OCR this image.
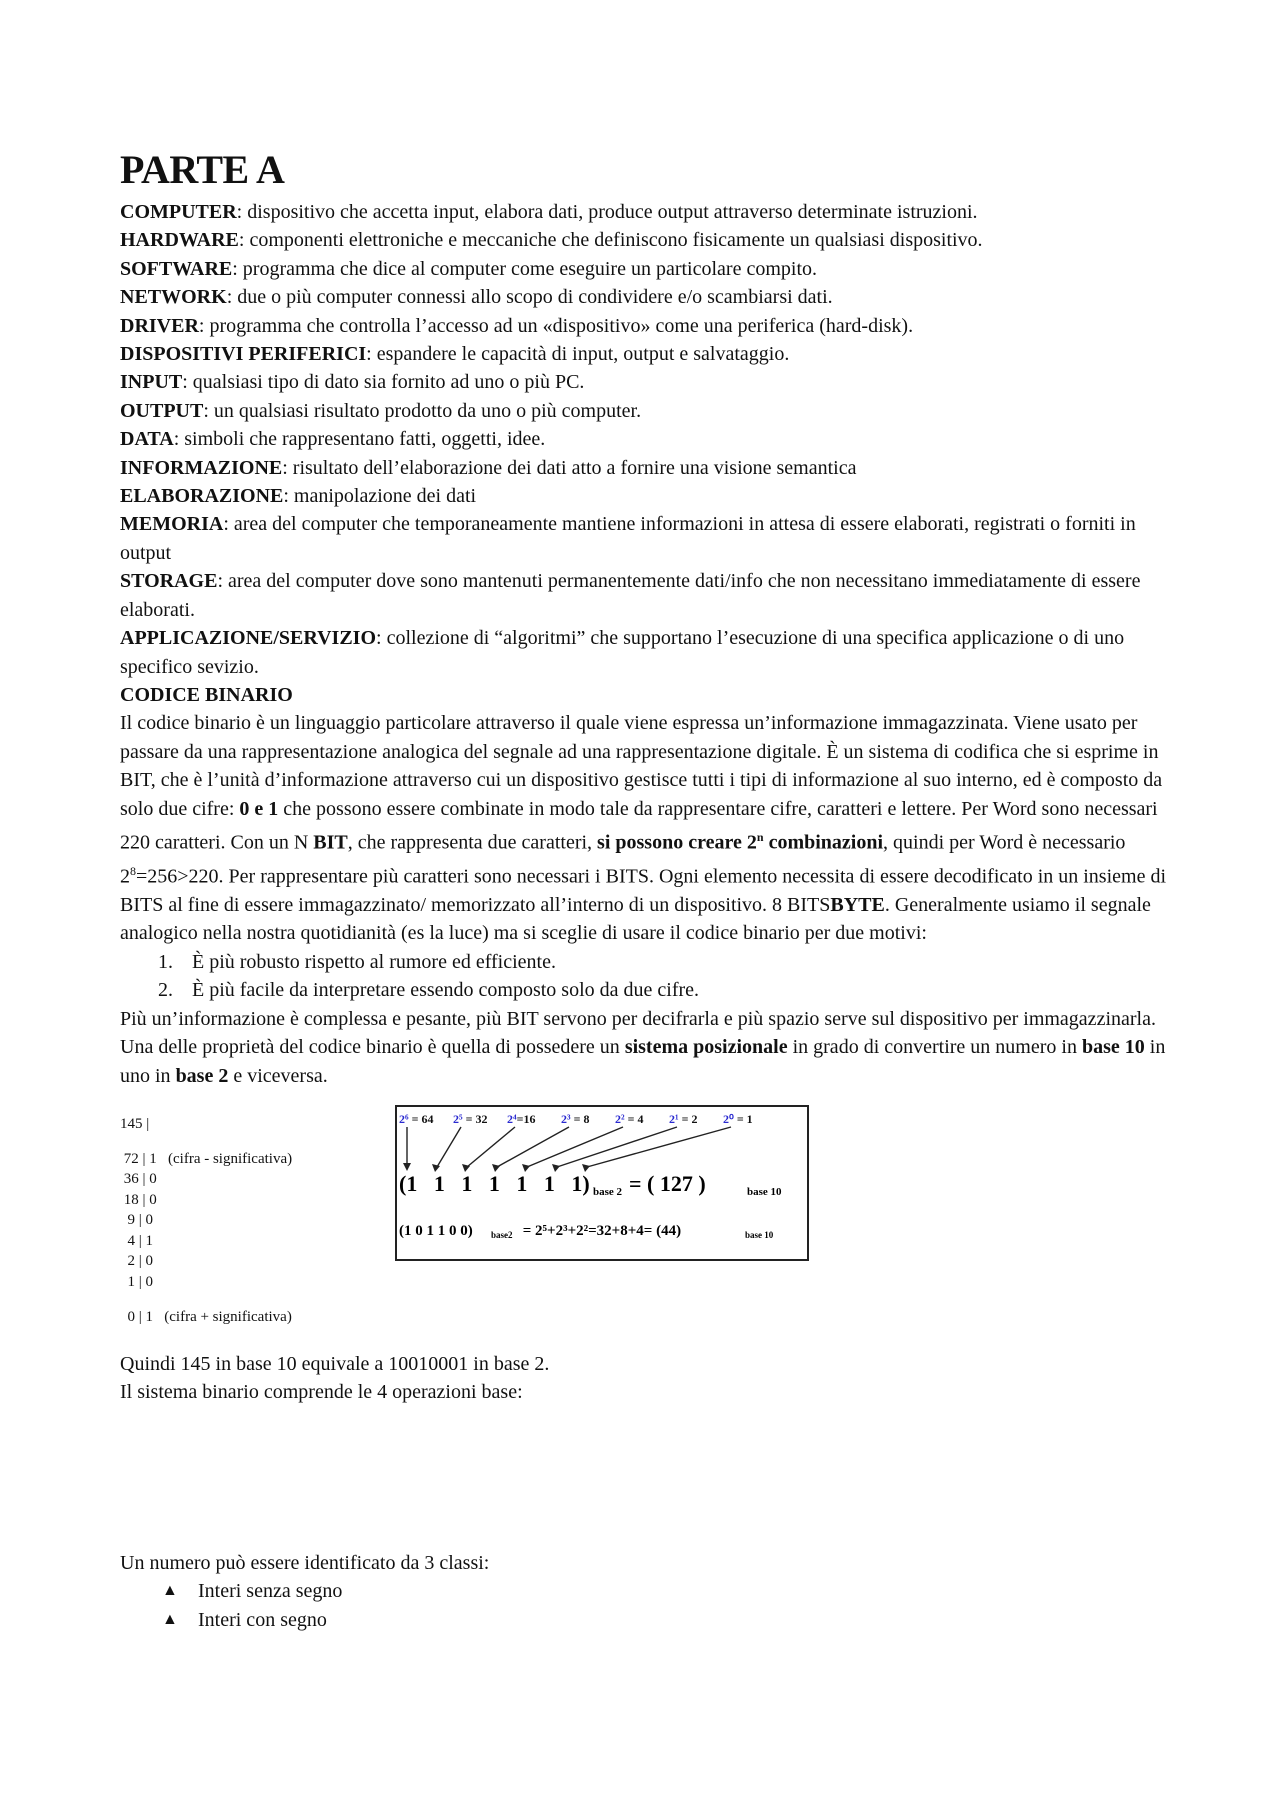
PARTE A

COMPUTER: dispositivo che accetta input, elabora dati, produce output attraverso determinate istruzioni.

HARDWARE: componenti elettroniche e meccaniche che definiscono fisicamente un qualsiasi dispositivo.

SOFTWARE: programma che dice al computer come eseguire un particolare compito.

NETWORK: due o più computer connessi allo scopo di condividere e/o scambiarsi dati.

DRIVER: programma che controlla l’accesso ad un «dispositivo» come una periferica (hard-disk).

DISPOSITIVI PERIFERICI: espandere le capacità di input, output e salvataggio.

INPUT: qualsiasi tipo di dato sia fornito ad uno o più PC.

OUTPUT: un qualsiasi risultato prodotto da uno o più computer.

DATA: simboli che rappresentano fatti, oggetti, idee.

INFORMAZIONE: risultato dell’elaborazione dei dati atto a fornire una visione semantica

ELABORAZIONE: manipolazione dei dati

MEMORIA: area del computer che temporaneamente mantiene informazioni in attesa di essere elaborati, registrati o forniti in output

STORAGE: area del computer dove sono mantenuti permanentemente dati/info che non necessitano immediatamente di essere elaborati.

APPLICAZIONE/SERVIZIO: collezione di “algoritmi” che supportano l’esecuzione di una specifica applicazione o di uno specifico sevizio.

CODICE BINARIO

Il codice binario è un linguaggio particolare attraverso il quale viene espressa un’informazione immagazzinata. Viene usato per passare da una rappresentazione analogica del segnale ad una rappresentazione digitale. È un sistema di codifica che si esprime in BIT, che è l’unità d’informazione attraverso cui un dispositivo gestisce tutti i tipi di informazione al suo interno, ed è composto da solo due cifre: 0 e 1 che possono essere combinate in modo tale da rappresentare cifre, caratteri e lettere. Per Word sono necessari 220 caratteri. Con un N BIT, che rappresenta due caratteri, si possono creare 2$^n$ combinazioni, quindi per Word è necessario $2^8=256>220$. Per rappresentare più caratteri sono necessari i BITS. Ogni elemento necessita di essere decodificato in un insieme di BITS al fine di essere immagazzinato/ memorizzato all’interno di un dispositivo. 8 BITSBYTE. Generalmente usiamo il segnale analogico nella nostra quotidianità (es la luce) ma si sceglie di usare il codice binario per due motivi:

1. È più robusto rispetto al rumore ed efficiente.
2. È più facile da interpretare essendo composto solo da due cifre.

Più un’informazione è complessa e pesante, più BIT servono per decifrarla e più spazio serve sul dispositivo per immagazzinarla. Una delle proprietà del codice binario è quella di possedere un sistema posizionale in grado di convertire un numero in base 10 in uno in base 2 e viceversa.

145 |
72 | 1   (cifra - significativa)
36 | 0
18 | 0
9 | 0
4 | 1
2 | 0
1 | 0
0 | 1   (cifra + significativa)
2⁶ = 64 2⁵ = 32 2⁴=16 2³ = 8 2² = 4 2¹ = 2 2⁰ = 1
(1   1   1   1   1   1   1) base 2 = ( 127 )	base 10
(1 0 1 1 0 0) base2 = 2⁵+2³+2²=32+8+4= (44)	base 10

Quindi 145 in base 10 equivale a 10010001 in base 2.

Il sistema binario comprende le 4 operazioni base:

Un numero può essere identificato da 3 classi:

▲ Interi senza segno
▲ Interi con segno
